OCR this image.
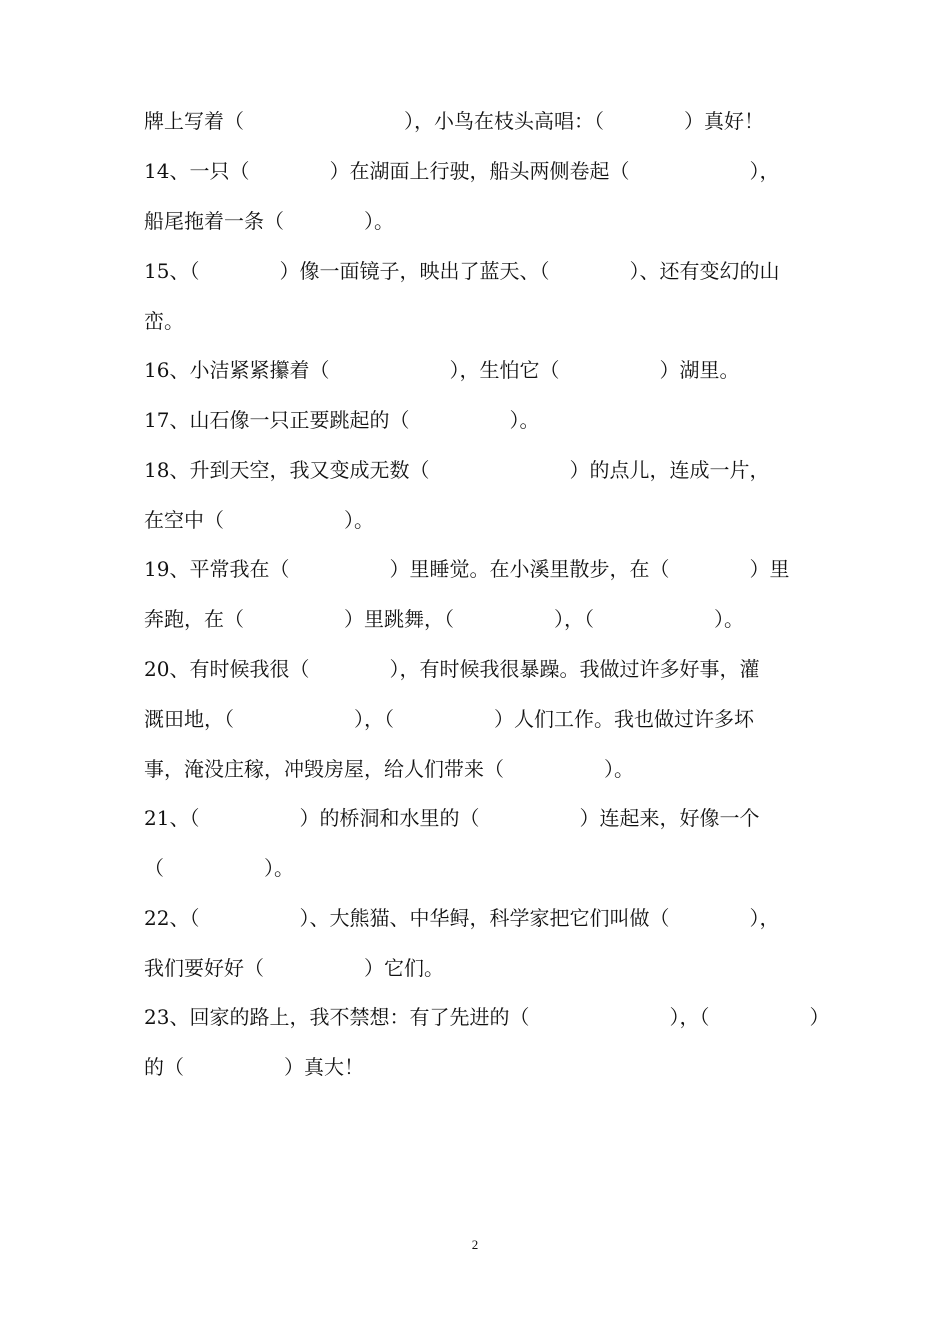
牌上写着（　　　　　　　　），小鸟在枝头高唱：（　　　　）真好！
14、一只（　　　　）在湖面上行驶，船头两侧卷起（　　　　　　），
船尾拖着一条（　　　　）。
15、（　　　　）像一面镜子，映出了蓝天、（　　　　）、还有变幻的山
峦。
16、小洁紧紧攥着（　　　　　　），生怕它（　　　　　）湖里。
17、山石像一只正要跳起的（　　　　　）。
18、升到天空，我又变成无数（　　　　　　　）的点儿，连成一片，
在空中（　　　　　　）。
19、平常我在（　　　　　）里睡觉。在小溪里散步，在（　　　　）里
奔跑，在（　　　　　）里跳舞，（　　　　　），（　　　　　　）。
20、有时候我很（　　　　），有时候我很暴躁。我做过许多好事，灌
溉田地，（　　　　　　），（　　　　　）人们工作。我也做过许多坏
事，淹没庄稼，冲毁房屋，给人们带来（　　　　　）。
21、（　　　　　）的桥洞和水里的（　　　　　）连起来，好像一个
（　　　　　）。
22、（　　　　　）、大熊猫、中华鲟，科学家把它们叫做（　　　　），
我们要好好（　　　　　）它们。
23、回家的路上，我不禁想：有了先进的（　　　　　　　），（　　　　　）
的（　　　　　）真大！
2
